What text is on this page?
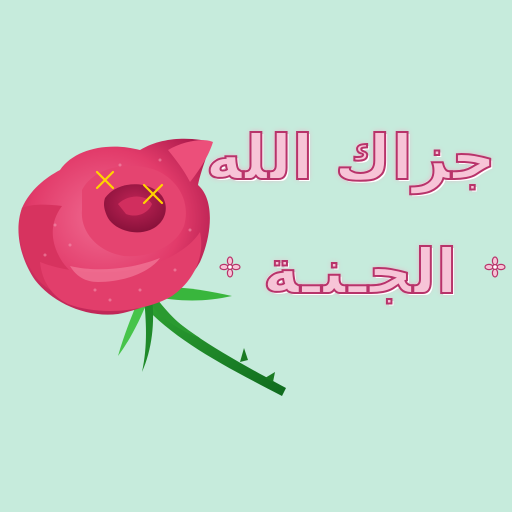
جزاك الله
الجـنـة
